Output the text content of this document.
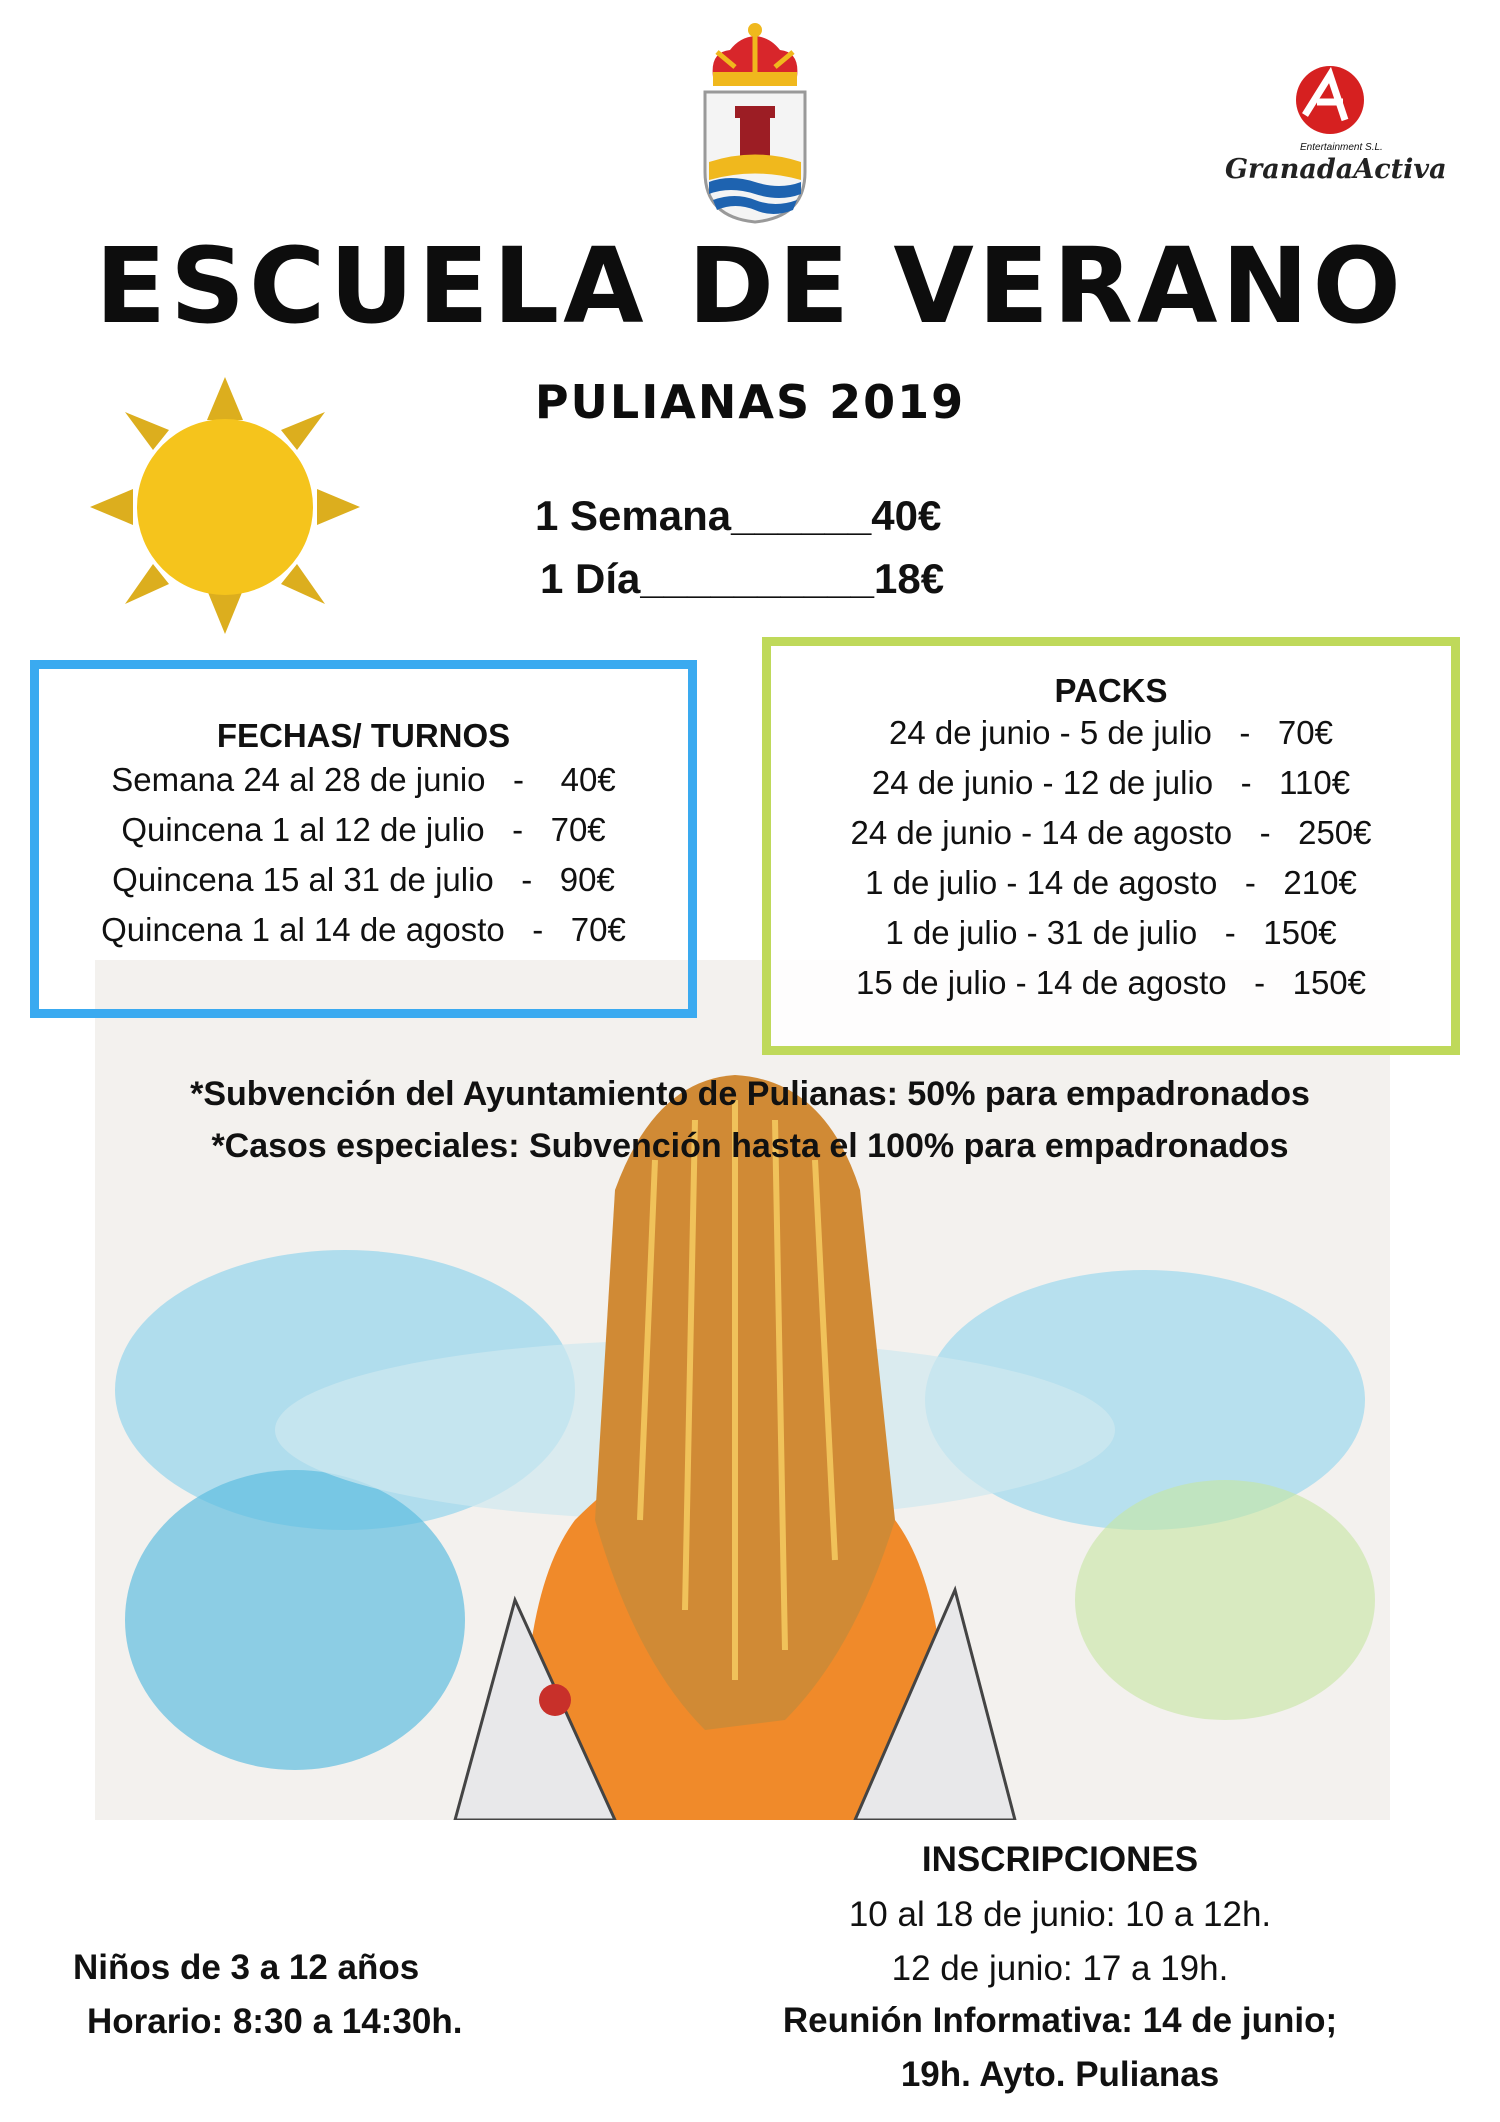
Entertainment S.L.
GranadaActiva
ESCUELA DE VERANO
PULIANAS 2019
1 Semana______40€
1 Día__________18€
FECHAS/ TURNOS
Semana 24 al 28 de junio   -    40€
Quincena 1 al 12 de julio   -   70€
Quincena 15 al 31 de julio   -   90€
Quincena 1 al 14 de agosto   -   70€
PACKS
24 de junio - 5 de julio   -   70€
24 de junio - 12 de julio   -   110€
24 de junio - 14 de agosto   -   250€
1 de julio - 14 de agosto   -   210€
1 de julio - 31 de julio   -   150€
15 de julio - 14 de agosto   -   150€
*Subvención del Ayuntamiento de Pulianas: 50% para empadronados
*Casos especiales: Subvención hasta el 100% para empadronados
Niños de 3 a 12 años
Horario: 8:30 a 14:30h.
INSCRIPCIONES
10 al 18 de junio: 10 a 12h.
12 de junio: 17 a 19h.
Reunión Informativa: 14 de junio;
19h. Ayto. Pulianas
